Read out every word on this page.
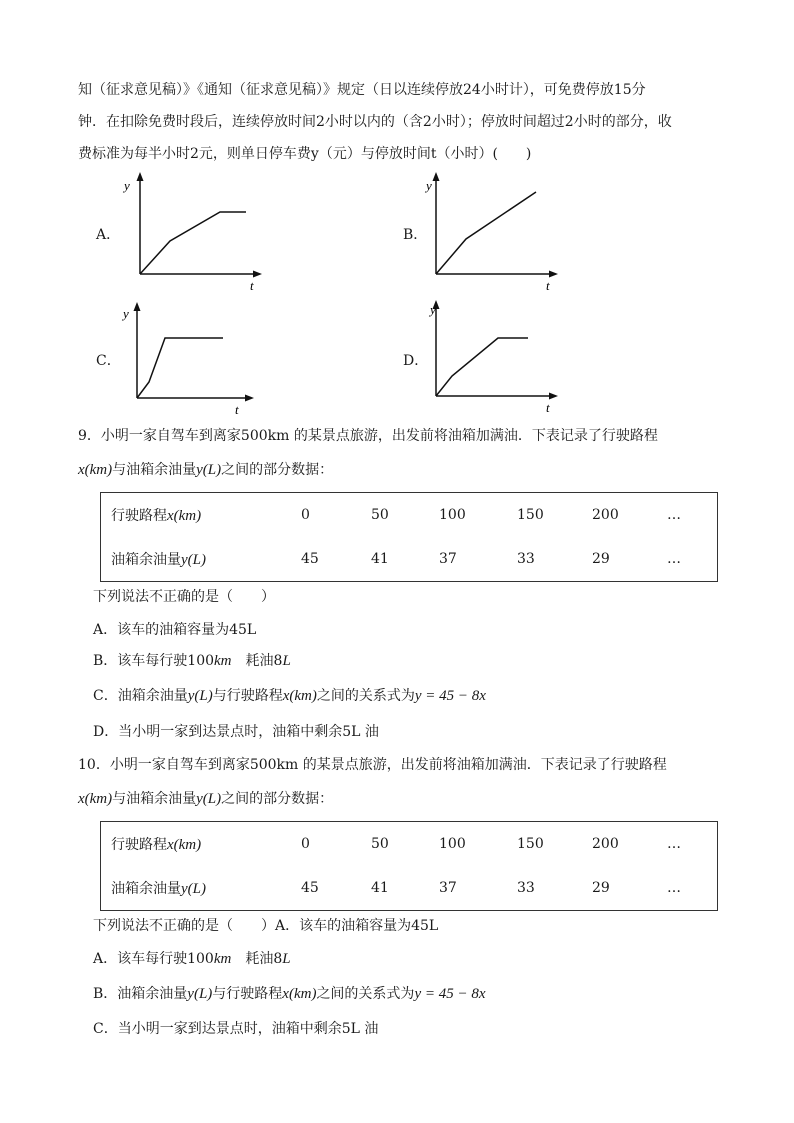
知（征求意见稿）》《通知（征求意见稿）》规定（日以连续停放24小时计），可免费停放15分
钟．在扣除免费时段后，连续停放时间2小时以内的（含2小时）；停放时间超过2小时的部分，收
费标准为每半小时2元，则单日停车费y（元）与停放时间t（小时）(　　)
A．
y
t
B．
y
t
C．
y
t
D．
y
t
9．小明一家自驾车到离家500km 的某景点旅游，出发前将油箱加满油．下表记录了行驶路程
x(km)与油箱余油量y(L)之间的部分数据：
行驶路程x(km)	0	50	100	150	200	…
油箱余油量y(L)	45	41	37	33	29	…
下列说法不正确的是（　　）
A．该车的油箱容量为45L
B．该车每行驶100km　耗油8L
C．油箱余油量y(L)与行驶路程x(km)之间的关系式为y = 45 − 8x
D．当小明一家到达景点时，油箱中剩余5L 油
10．小明一家自驾车到离家500km 的某景点旅游，出发前将油箱加满油．下表记录了行驶路程
x(km)与油箱余油量y(L)之间的部分数据：
行驶路程x(km)	0	50	100	150	200	…
油箱余油量y(L)	45	41	37	33	29	…
下列说法不正确的是（　　）A．该车的油箱容量为45L
A．该车每行驶100km　耗油8L
B．油箱余油量y(L)与行驶路程x(km)之间的关系式为y = 45 − 8x
C．当小明一家到达景点时，油箱中剩余5L 油
